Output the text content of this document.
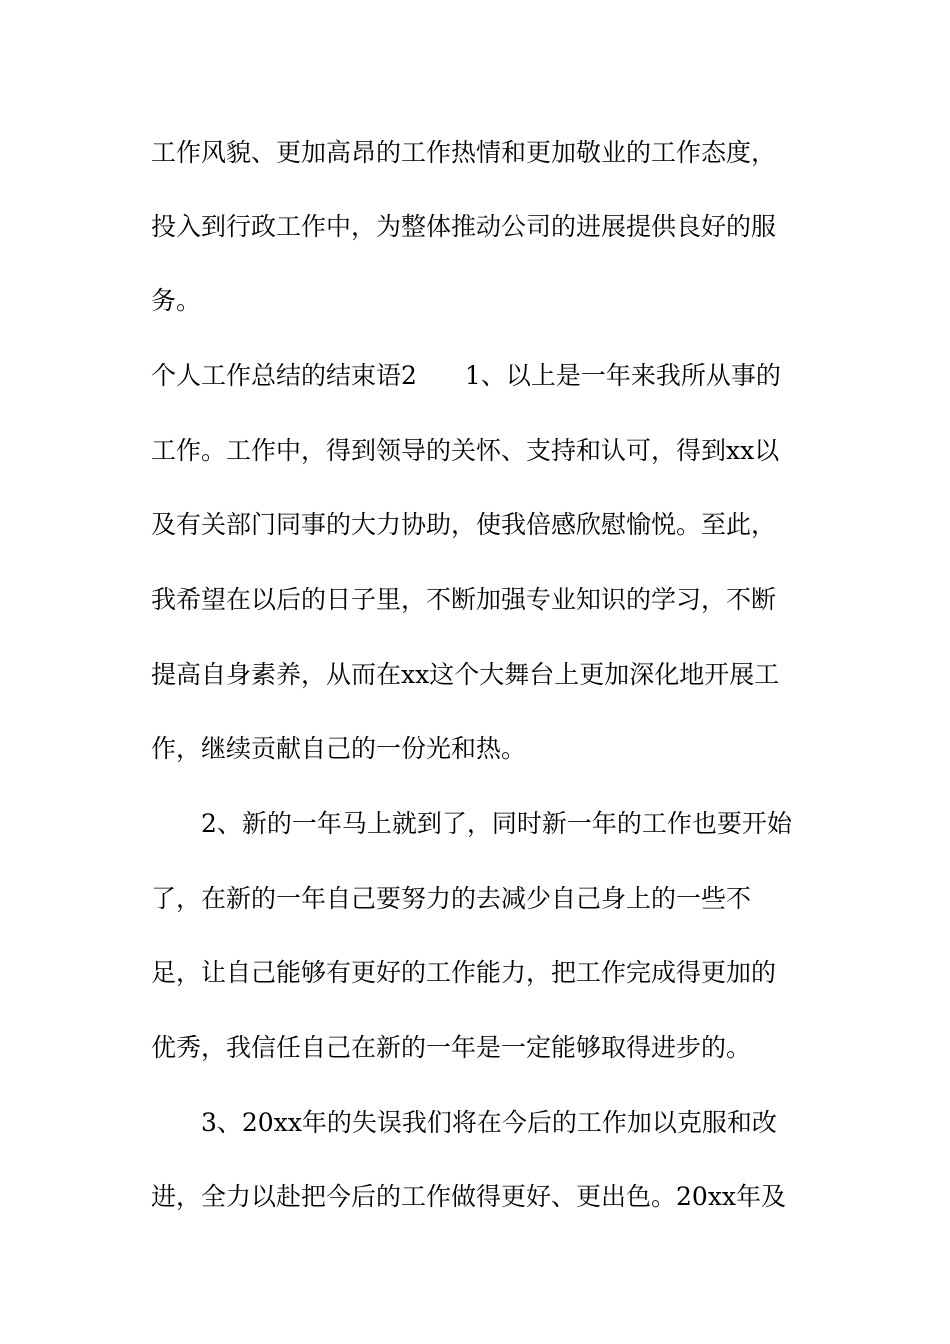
工作风貌、更加高昂的工作热情和更加敬业的工作态度，
投入到行政工作中，为整体推动公司的进展提供良好的服
务。
个人工作总结的结束语2 1、以上是一年来我所从事的
工作。工作中，得到领导的关怀、支持和认可，得到xx以
及有关部门同事的大力协助，使我倍感欣慰愉悦。至此，
我希望在以后的日子里，不断加强专业知识的学习，不断
提高自身素养，从而在xx这个大舞台上更加深化地开展工
作，继续贡献自己的一份光和热。
2、新的一年马上就到了，同时新一年的工作也要开始
了，在新的一年自己要努力的去减少自己身上的一些不
足，让自己能够有更好的工作能力，把工作完成得更加的
优秀，我信任自己在新的一年是一定能够取得进步的。
3、20xx年的失误我们将在今后的工作加以克服和改
进，全力以赴把今后的工作做得更好、更出色。20xx年及
